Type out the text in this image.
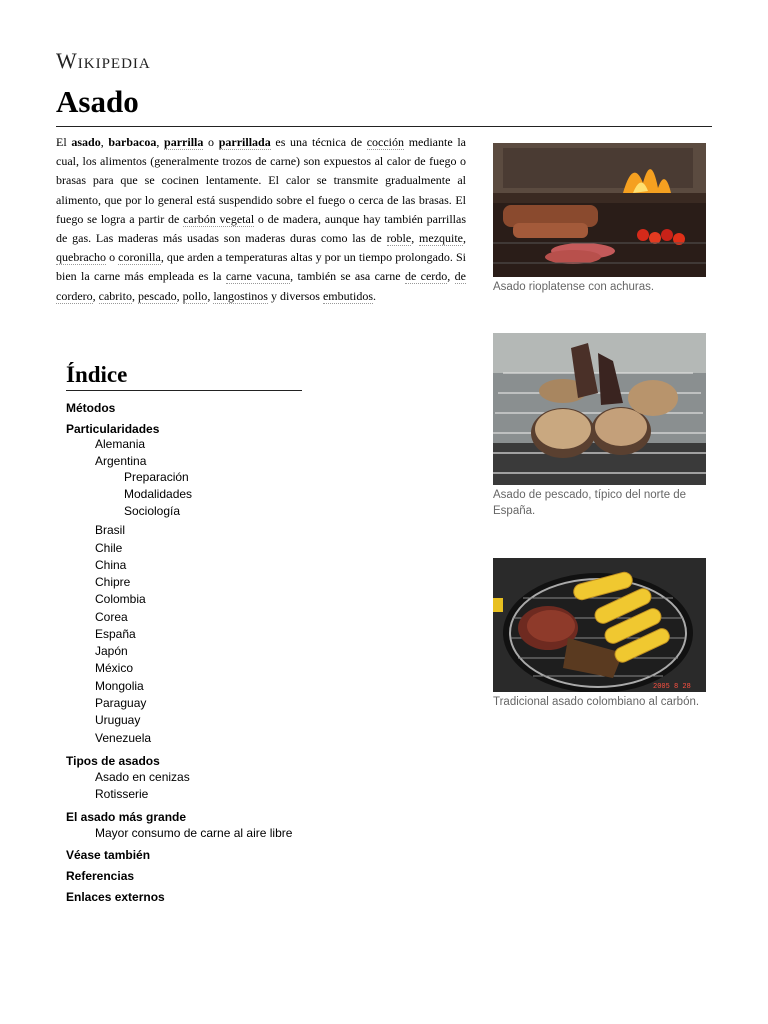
Wikipedia
Asado

El asado, barbacoa, parrilla o parrillada es una técnica de cocción mediante la cual, los alimentos (generalmente trozos de carne) son expuestos al calor de fuego o brasas para que se cocinen lentamente. El calor se transmite gradualmente al alimento, que por lo general está suspendido sobre el fuego o cerca de las brasas. El fuego se logra a partir de carbón vegetal o de madera, aunque hay también parrillas de gas. Las maderas más usadas son maderas duras como las de roble, mezquite, quebracho o coronilla, que arden a temperaturas altas y por un tiempo prolongado. Si bien la carne más empleada es la carne vacuna, también se asa carne de cerdo, de cordero, cabrito, pescado, pollo, langostinos y diversos embutidos.

Índice
Métodos
Particularidades
Alemania
Argentina
Preparación
Modalidades
Sociología
Brasil
Chile
China
Chipre
Colombia
Corea
España
Japón
México
Mongolia
Paraguay
Uruguay
Venezuela
Tipos de asados
Asado en cenizas
Rotisserie
El asado más grande
Mayor consumo de carne al aire libre
Véase también
Referencias
Enlaces externos
Asado rioplatense con achuras.
Asado de pescado, típico del norte de España.
2005 8 28
Tradicional asado colombiano al carbón.
